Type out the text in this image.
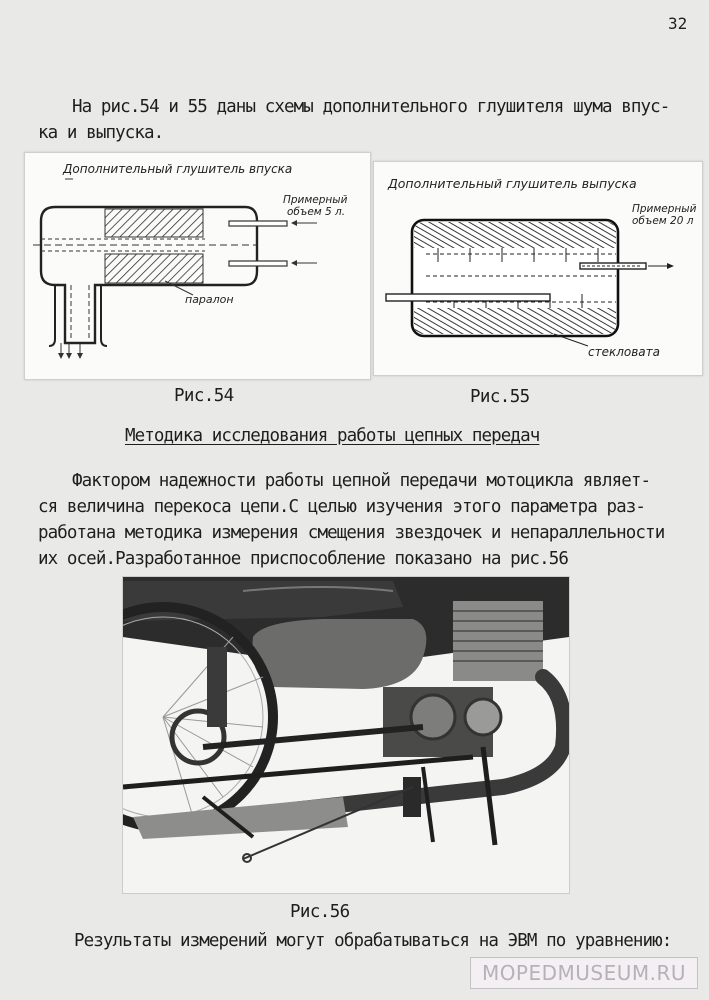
32
На рис.54 и 55 даны схемы дополнительного глушителя шума впус-
ка и выпуска.
Дополнительный глушитель впуска
Примерный
объем 5 л.
паралон
Дополнительный глушитель выпуска
Примерный
объем 20 л
стекловата
Рис.54	Рис.55
Методика исследования работы цепных передач
Фактором надежности работы цепной передачи мотоцикла являет-
ся величина перекоса цепи.С целью изучения этого параметра раз-
работана методика измерения смещения звездочек и непараллельности
их осей.Разработанное приспособление показано на рис.56
Рис.56
Результаты измерений могут обрабатываться на ЭВМ по уравнению:
MOPEDMUSEUM.RU
